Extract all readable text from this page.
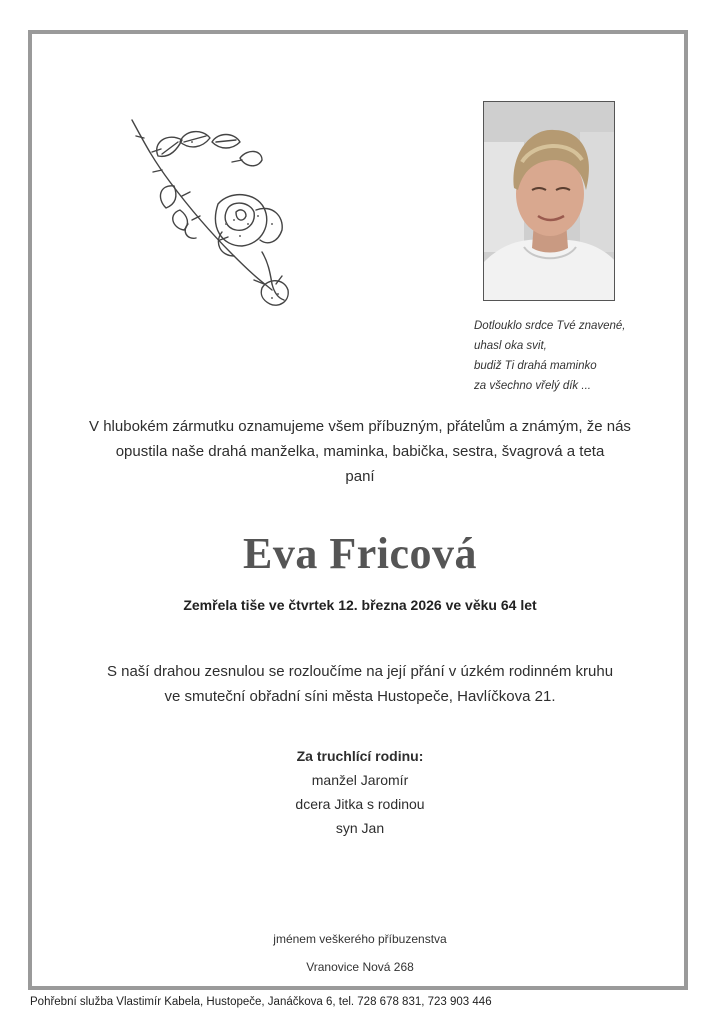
Dotlouklo srdce Tvé znavené,
uhasl oka svit,
budiž Ti drahá maminko
za všechno vřelý dík ...
V hlubokém zármutku oznamujeme všem příbuzným, přátelům a známým, že nás
opustila naše drahá manželka, maminka, babička, sestra, švagrová a teta
paní
Eva Fricová
Zemřela tiše ve čtvrtek 12. března 2026 ve věku 64 let
S naší drahou zesnulou se rozloučíme na její přání v úzkém rodinném kruhu
ve smuteční obřadní síni města Hustopeče, Havlíčkova 21.
Za truchlící rodinu:
manžel Jaromír
dcera Jitka s rodinou
syn Jan
jménem veškerého příbuzenstva
Vranovice Nová 268
Pohřební služba Vlastimír Kabela, Hustopeče, Janáčkova 6, tel. 728 678 831, 723 903 446
